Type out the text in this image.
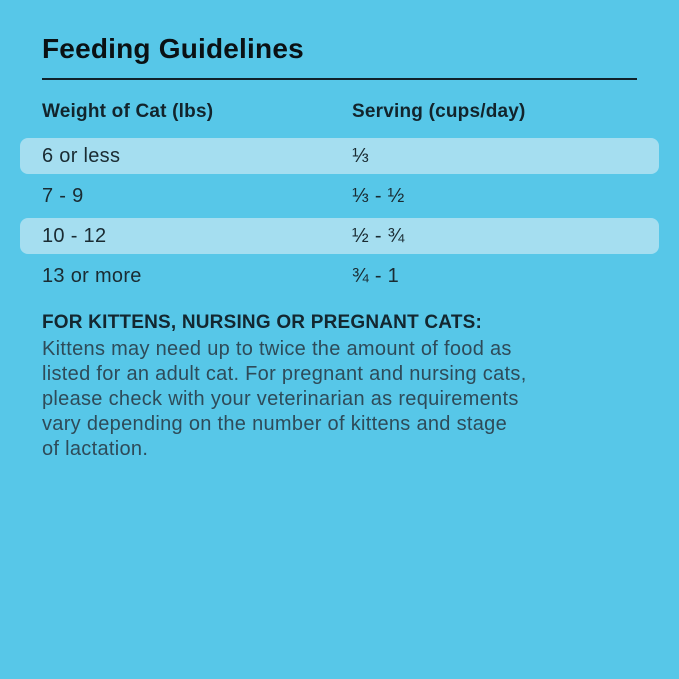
Feeding Guidelines
Weight of Cat (lbs)	Serving (cups/day)
6 or less	⅓
7 - 9	⅓ - ½
10 - 12	½ - ¾
13 or more	¾ - 1
FOR KITTENS, NURSING OR PREGNANT CATS:
Kittens may need up to twice the amount of food as
listed for an adult cat. For pregnant and nursing cats,
please check with your veterinarian as requirements
vary depending on the number of kittens and stage
of lactation.
